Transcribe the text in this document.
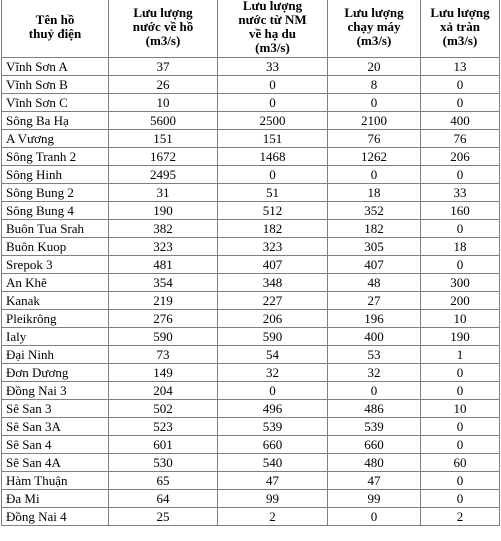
Tên hồ
thuỷ điện	Lưu lượng
nước về hồ
(m3/s)	Lưu lượng
nước từ NM
về hạ du
(m3/s)	Lưu lượng
chạy máy
(m3/s)	Lưu lượng
xả tràn
(m3/s)

Vĩnh Sơn A	37	33	20	13
Vĩnh Sơn B	26	0	8	0
Vĩnh Sơn C	10	0	0	0
Sông Ba Hạ	5600	2500	2100	400
A Vương	151	151	76	76
Sông Tranh 2	1672	1468	1262	206
Sông Hinh	2495	0	0	0
Sông Bung 2	31	51	18	33
Sông Bung 4	190	512	352	160
Buôn Tua Srah	382	182	182	0
Buôn Kuop	323	323	305	18
Srepok 3	481	407	407	0
An Khê	354	348	48	300
Kanak	219	227	27	200
Pleikrông	276	206	196	10
Ialy	590	590	400	190
Đại Ninh	73	54	53	1
Đơn Dương	149	32	32	0
Đồng Nai 3	204	0	0	0
Sê San 3	502	496	486	10
Sê San 3A	523	539	539	0
Sê San 4	601	660	660	0
Sê San 4A	530	540	480	60
Hàm Thuận	65	47	47	0
Đa Mi	64	99	99	0
Đồng Nai 4	25	2	0	2
